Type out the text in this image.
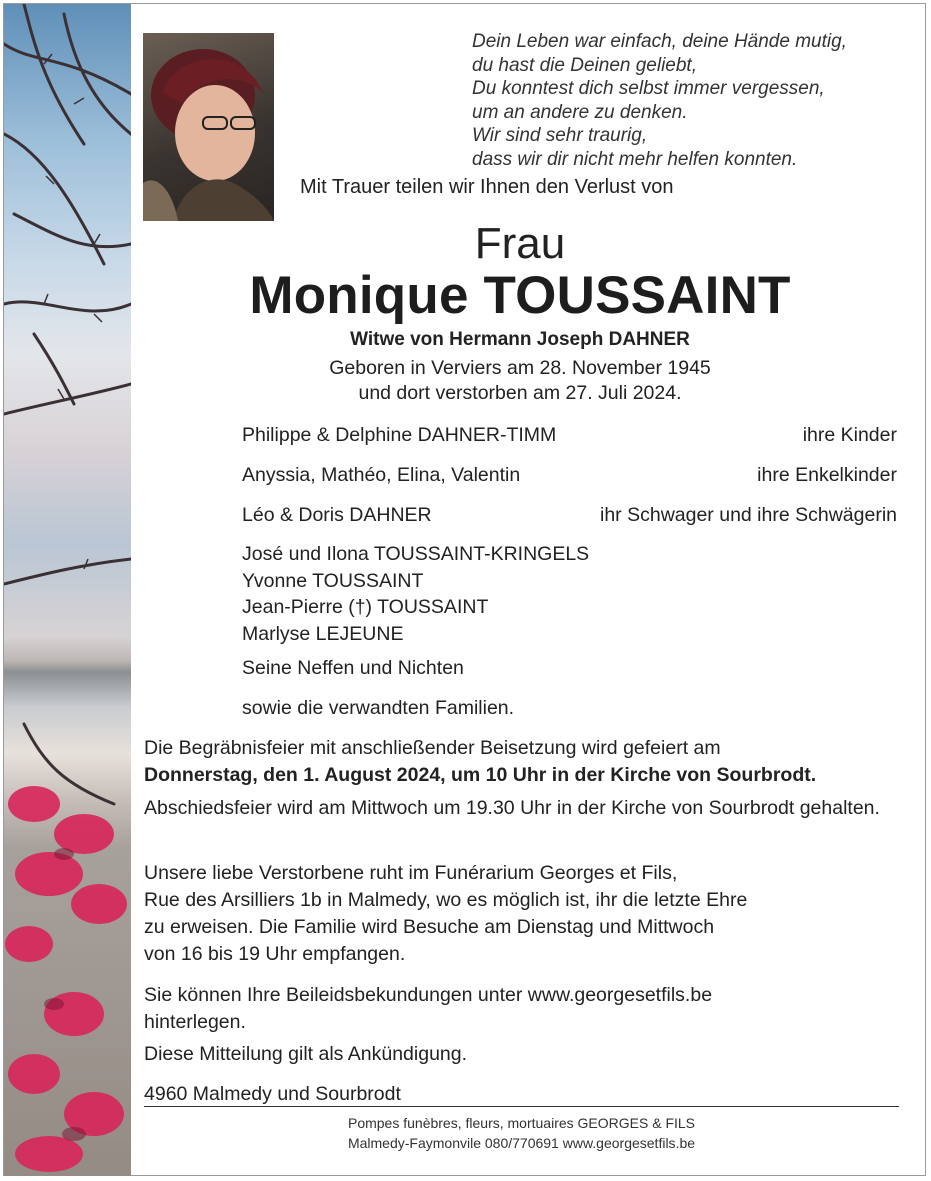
Dein Leben war einfach, deine Hände mutig,
du hast die Deinen geliebt,
Du konntest dich selbst immer vergessen,
um an andere zu denken.
Wir sind sehr traurig,
dass wir dir nicht mehr helfen konnten.
Mit Trauer teilen wir Ihnen den Verlust von
Frau
Monique TOUSSAINT
Witwe von Hermann Joseph DAHNER
Geboren in Verviers am 28. November 1945
und dort verstorben am 27. Juli 2024.
Philippe & Delphine DAHNER-TIMM	ihre Kinder
Anyssia, Mathéo, Elina, Valentin	ihre Enkelkinder
Léo & Doris DAHNER	ihr Schwager und ihre Schwägerin
José und Ilona TOUSSAINT-KRINGELS
Yvonne TOUSSAINT
Jean-Pierre (†) TOUSSAINT
Marlyse LEJEUNE
Seine Neffen und Nichten
sowie die verwandten Familien.
Die Begräbnisfeier mit anschließender Beisetzung wird gefeiert am
Donnerstag, den 1. August 2024, um 10 Uhr in der Kirche von Sourbrodt.
Abschiedsfeier wird am Mittwoch um 19.30 Uhr in der Kirche von Sourbrodt gehalten.
Unsere liebe Verstorbene ruht im Funérarium Georges et Fils,
Rue des Arsilliers 1b in Malmedy, wo es möglich ist, ihr die letzte Ehre
zu erweisen. Die Familie wird Besuche am Dienstag und Mittwoch
von 16 bis 19 Uhr empfangen.
Sie können Ihre Beileidsbekundungen unter www.georgesetfils.be
hinterlegen.
Diese Mitteilung gilt als Ankündigung.
4960 Malmedy und Sourbrodt
Pompes funèbres, fleurs, mortuaires GEORGES & FILS
Malmedy-Faymonvile 080/770691 www.georgesetfils.be
